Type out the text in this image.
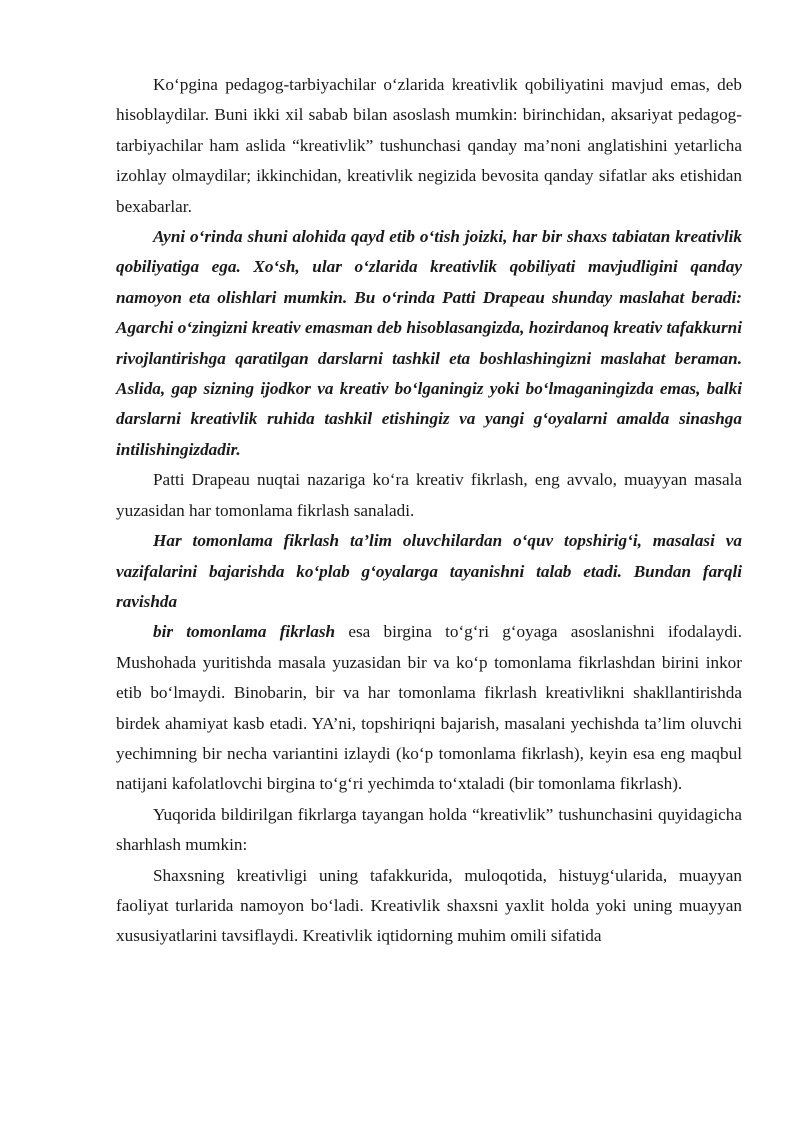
Ko‘pgina pedagog-tarbiyachilar o‘zlarida kreativlik qobiliyatini mavjud emas, deb hisoblaydilar. Buni ikki xil sabab bilan asoslash mumkin: birinchidan, aksariyat pedagog-tarbiyachilar ham aslida “kreativlik” tushunchasi qanday ma’noni anglatishini yetarlicha izohlay olmaydilar; ikkinchidan, kreativlik negizida bevosita qanday sifatlar aks etishidan bexabarlar.

Ayni o‘rinda shuni alohida qayd etib o‘tish joizki, har bir shaxs tabiatan kreativlik qobiliyatiga ega. Xo‘sh, ular o‘zlarida kreativlik qobiliyati mavjudligini qanday namoyon eta olishlari mumkin. Bu o‘rinda Patti Drapeau shunday maslahat beradi: Agarchi o‘zingizni kreativ emasman deb hisoblasangizda, hozirdanoq kreativ tafakkurni rivojlantirishga qaratilgan darslarni tashkil eta boshlashingizni maslahat beraman. Aslida, gap sizning ijodkor va kreativ bo‘lganingiz yoki bo‘lmaganingizda emas, balki darslarni kreativlik ruhida tashkil etishingiz va yangi g‘oyalarni amalda sinashga intilishingizdadir.

Patti Drapeau nuqtai nazariga ko‘ra kreativ fikrlash, eng avvalo, muayyan masala yuzasidan har tomonlama fikrlash sanaladi.

Har tomonlama fikrlash ta’lim oluvchilardan o‘quv topshirig‘i, masalasi va vazifalarini bajarishda ko‘plab g‘oyalarga tayanishni talab etadi. Bundan farqli ravishda

bir tomonlama fikrlash esa birgina to‘g‘ri g‘oyaga asoslanishni ifodalaydi. Mushohada yuritishda masala yuzasidan bir va ko‘p tomonlama fikrlashdan birini inkor etib bo‘lmaydi. Binobarin, bir va har tomonlama fikrlash kreativlikni shakllantirishda birdek ahamiyat kasb etadi. YA’ni, topshiriqni bajarish, masalani yechishda ta’lim oluvchi yechimning bir necha variantini izlaydi (ko‘p tomonlama fikrlash), keyin esa eng maqbul natijani kafolatlovchi birgina to‘g‘ri yechimda to‘xtaladi (bir tomonlama fikrlash).

Yuqorida bildirilgan fikrlarga tayangan holda “kreativlik” tushunchasini quyidagicha sharhlash mumkin:

Shaxsning kreativligi uning tafakkurida, muloqotida, histuyg‘ularida, muayyan faoliyat turlarida namoyon bo‘ladi. Kreativlik shaxsni yaxlit holda yoki uning muayyan xususiyatlarini tavsiflaydi. Kreativlik iqtidorning muhim omili sifatida
